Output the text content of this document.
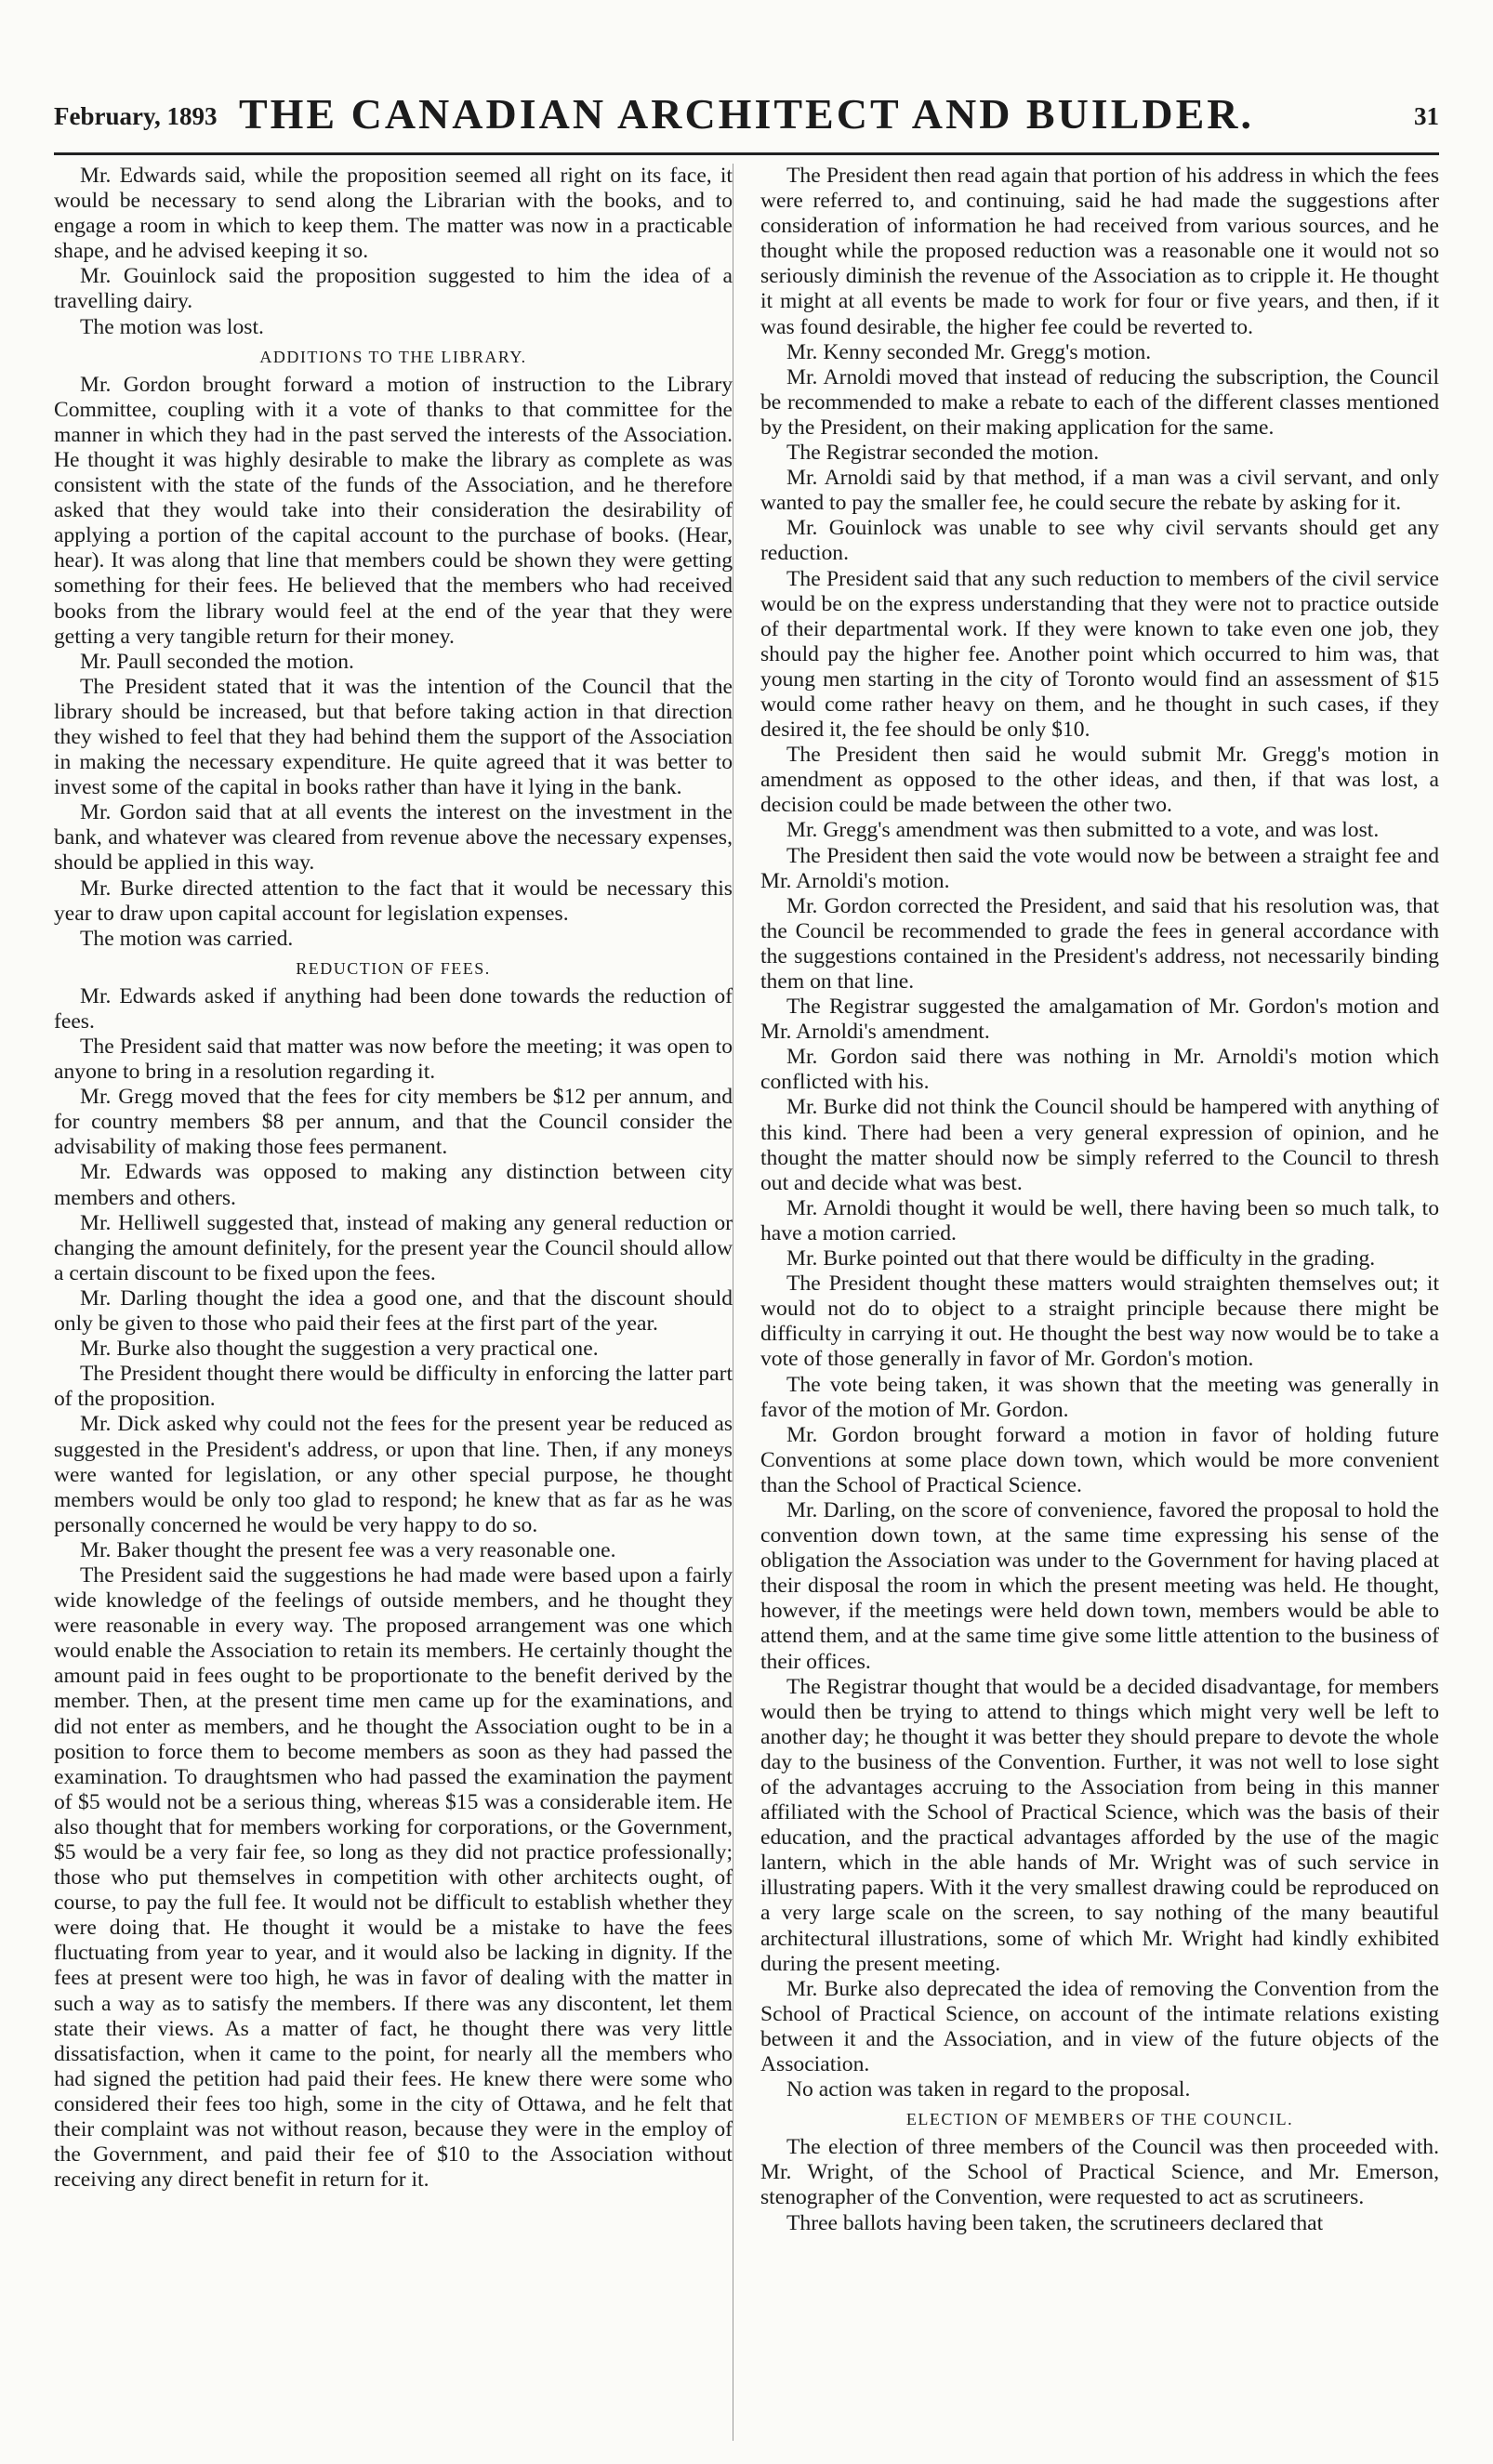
February, 1893 THE CANADIAN ARCHITECT AND BUILDER.	31

Mr. Edwards said, while the proposition seemed all right on its face, it would be necessary to send along the Librarian with the books, and to engage a room in which to keep them. The matter was now in a practicable shape, and he advised keeping it so.

Mr. Gouinlock said the proposition suggested to him the idea of a travelling dairy.

The motion was lost.

ADDITIONS TO THE LIBRARY.

Mr. Gordon brought forward a motion of instruction to the Library Committee, coupling with it a vote of thanks to that committee for the manner in which they had in the past served the interests of the Association. He thought it was highly desirable to make the library as complete as was consistent with the state of the funds of the Association, and he therefore asked that they would take into their consideration the desirability of applying a portion of the capital account to the purchase of books. (Hear, hear). It was along that line that members could be shown they were getting something for their fees. He believed that the members who had received books from the library would feel at the end of the year that they were getting a very tangible return for their money.

Mr. Paull seconded the motion.

The President stated that it was the intention of the Council that the library should be increased, but that before taking action in that direction they wished to feel that they had behind them the support of the Association in making the necessary expenditure. He quite agreed that it was better to invest some of the capital in books rather than have it lying in the bank.

Mr. Gordon said that at all events the interest on the investment in the bank, and whatever was cleared from revenue above the necessary expenses, should be applied in this way.

Mr. Burke directed attention to the fact that it would be necessary this year to draw upon capital account for legislation expenses.

The motion was carried.

REDUCTION OF FEES.

Mr. Edwards asked if anything had been done towards the reduction of fees.

The President said that matter was now before the meeting; it was open to anyone to bring in a resolution regarding it.

Mr. Gregg moved that the fees for city members be $12 per annum, and for country members $8 per annum, and that the Council consider the advisability of making those fees permanent.

Mr. Edwards was opposed to making any distinction between city members and others.

Mr. Helliwell suggested that, instead of making any general reduction or changing the amount definitely, for the present year the Council should allow a certain discount to be fixed upon the fees.

Mr. Darling thought the idea a good one, and that the discount should only be given to those who paid their fees at the first part of the year.

Mr. Burke also thought the suggestion a very practical one.

The President thought there would be difficulty in enforcing the latter part of the proposition.

Mr. Dick asked why could not the fees for the present year be reduced as suggested in the President's address, or upon that line. Then, if any moneys were wanted for legislation, or any other special purpose, he thought members would be only too glad to respond; he knew that as far as he was personally concerned he would be very happy to do so.

Mr. Baker thought the present fee was a very reasonable one.

The President said the suggestions he had made were based upon a fairly wide knowledge of the feelings of outside members, and he thought they were reasonable in every way. The proposed arrangement was one which would enable the Association to retain its members. He certainly thought the amount paid in fees ought to be proportionate to the benefit derived by the member. Then, at the present time men came up for the examinations, and did not enter as members, and he thought the Association ought to be in a position to force them to become members as soon as they had passed the examination. To draughtsmen who had passed the examination the payment of $5 would not be a serious thing, whereas $15 was a considerable item. He also thought that for members working for corporations, or the Government, $5 would be a very fair fee, so long as they did not practice professionally; those who put themselves in competition with other architects ought, of course, to pay the full fee. It would not be difficult to establish whether they were doing that. He thought it would be a mistake to have the fees fluctuating from year to year, and it would also be lacking in dignity. If the fees at present were too high, he was in favor of dealing with the matter in such a way as to satisfy the members. If there was any discontent, let them state their views. As a matter of fact, he thought there was very little dissatisfaction, when it came to the point, for nearly all the members who had signed the petition had paid their fees. He knew there were some who considered their fees too high, some in the city of Ottawa, and he felt that their complaint was not without reason, because they were in the employ of the Government, and paid their fee of $10 to the Association without receiving any direct benefit in return for it.

The President then read again that portion of his address in which the fees were referred to, and continuing, said he had made the suggestions after consideration of information he had received from various sources, and he thought while the proposed reduction was a reasonable one it would not so seriously diminish the revenue of the Association as to cripple it. He thought it might at all events be made to work for four or five years, and then, if it was found desirable, the higher fee could be reverted to.

Mr. Kenny seconded Mr. Gregg's motion.

Mr. Arnoldi moved that instead of reducing the subscription, the Council be recommended to make a rebate to each of the different classes mentioned by the President, on their making application for the same.

The Registrar seconded the motion.

Mr. Arnoldi said by that method, if a man was a civil servant, and only wanted to pay the smaller fee, he could secure the rebate by asking for it.

Mr. Gouinlock was unable to see why civil servants should get any reduction.

The President said that any such reduction to members of the civil service would be on the express understanding that they were not to practice outside of their departmental work. If they were known to take even one job, they should pay the higher fee. Another point which occurred to him was, that young men starting in the city of Toronto would find an assessment of $15 would come rather heavy on them, and he thought in such cases, if they desired it, the fee should be only $10.

The President then said he would submit Mr. Gregg's motion in amendment as opposed to the other ideas, and then, if that was lost, a decision could be made between the other two.

Mr. Gregg's amendment was then submitted to a vote, and was lost.

The President then said the vote would now be between a straight fee and Mr. Arnoldi's motion.

Mr. Gordon corrected the President, and said that his resolution was, that the Council be recommended to grade the fees in general accordance with the suggestions contained in the President's address, not necessarily binding them on that line.

The Registrar suggested the amalgamation of Mr. Gordon's motion and Mr. Arnoldi's amendment.

Mr. Gordon said there was nothing in Mr. Arnoldi's motion which conflicted with his.

Mr. Burke did not think the Council should be hampered with anything of this kind. There had been a very general expression of opinion, and he thought the matter should now be simply referred to the Council to thresh out and decide what was best.

Mr. Arnoldi thought it would be well, there having been so much talk, to have a motion carried.

Mr. Burke pointed out that there would be difficulty in the grading.

The President thought these matters would straighten themselves out; it would not do to object to a straight principle because there might be difficulty in carrying it out. He thought the best way now would be to take a vote of those generally in favor of Mr. Gordon's motion.

The vote being taken, it was shown that the meeting was generally in favor of the motion of Mr. Gordon.

Mr. Gordon brought forward a motion in favor of holding future Conventions at some place down town, which would be more convenient than the School of Practical Science.

Mr. Darling, on the score of convenience, favored the proposal to hold the convention down town, at the same time expressing his sense of the obligation the Association was under to the Government for having placed at their disposal the room in which the present meeting was held. He thought, however, if the meetings were held down town, members would be able to attend them, and at the same time give some little attention to the business of their offices.

The Registrar thought that would be a decided disadvantage, for members would then be trying to attend to things which might very well be left to another day; he thought it was better they should prepare to devote the whole day to the business of the Convention. Further, it was not well to lose sight of the advantages accruing to the Association from being in this manner affiliated with the School of Practical Science, which was the basis of their education, and the practical advantages afforded by the use of the magic lantern, which in the able hands of Mr. Wright was of such service in illustrating papers. With it the very smallest drawing could be reproduced on a very large scale on the screen, to say nothing of the many beautiful architectural illustrations, some of which Mr. Wright had kindly exhibited during the present meeting.

Mr. Burke also deprecated the idea of removing the Convention from the School of Practical Science, on account of the intimate relations existing between it and the Association, and in view of the future objects of the Association.

No action was taken in regard to the proposal.

ELECTION OF MEMBERS OF THE COUNCIL.

The election of three members of the Council was then proceeded with. Mr. Wright, of the School of Practical Science, and Mr. Emerson, stenographer of the Convention, were requested to act as scrutineers.

Three ballots having been taken, the scrutineers declared that
